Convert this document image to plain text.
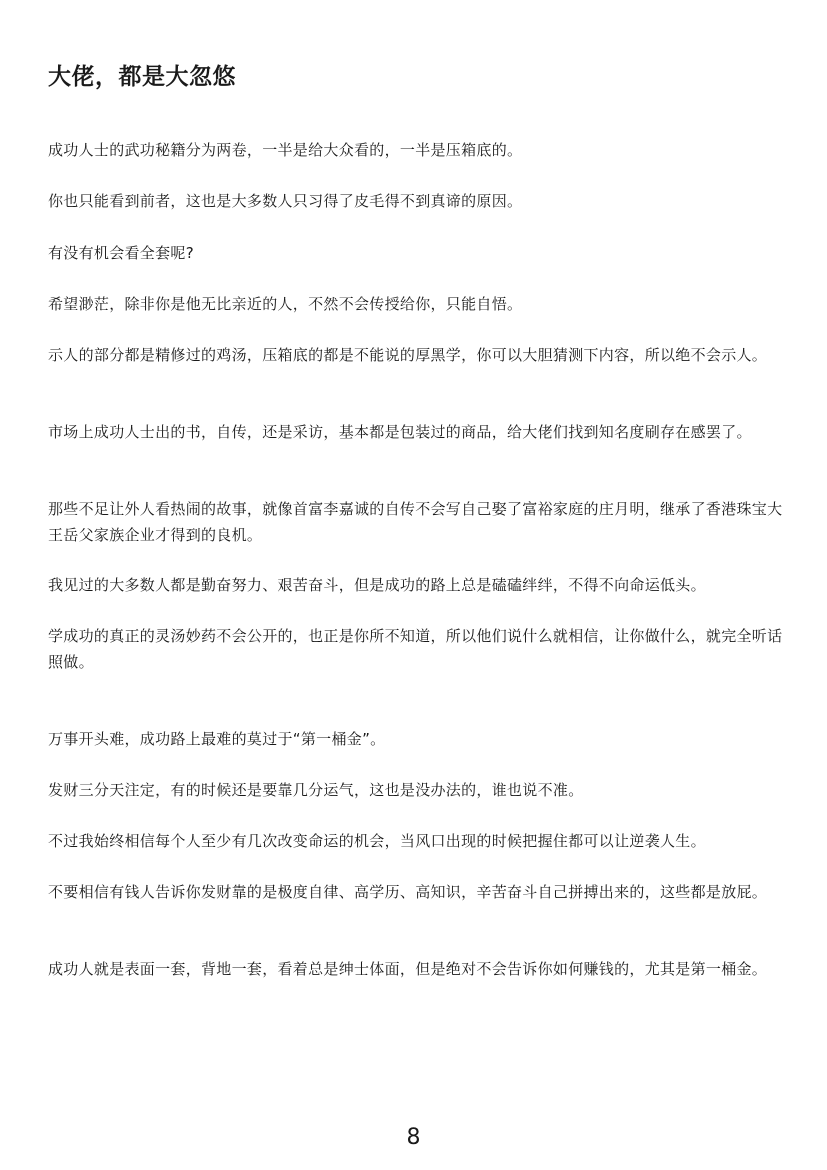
大佬，都是大忽悠

成功人士的武功秘籍分为两卷，一半是给大众看的，一半是压箱底的。

你也只能看到前者，这也是大多数人只习得了皮毛得不到真谛的原因。

有没有机会看全套呢?

希望渺茫，除非你是他无比亲近的人，不然不会传授给你，只能自悟。

示人的部分都是精修过的鸡汤，压箱底的都是不能说的厚黑学，你可以大胆猜测下内容，所以绝不会示人。

市场上成功人士出的书，自传，还是采访，基本都是包装过的商品，给大佬们找到知名度刷存在感罢了。

那些不足让外人看热闹的故事，就像首富李嘉诚的自传不会写自己娶了富裕家庭的庄月明，继承了香港珠宝大王岳父家族企业才得到的良机。

我见过的大多数人都是勤奋努力、艰苦奋斗，但是成功的路上总是磕磕绊绊，不得不向命运低头。

学成功的真正的灵汤妙药不会公开的，也正是你所不知道，所以他们说什么就相信，让你做什么，就完全听话照做。

万事开头难，成功路上最难的莫过于“第一桶金”。

发财三分天注定，有的时候还是要靠几分运气，这也是没办法的，谁也说不准。

不过我始终相信每个人至少有几次改变命运的机会，当风口出现的时候把握住都可以让逆袭人生。

不要相信有钱人告诉你发财靠的是极度自律、高学历、高知识，辛苦奋斗自己拼搏出来的，这些都是放屁。

成功人就是表面一套，背地一套，看着总是绅士体面，但是绝对不会告诉你如何赚钱的，尤其是第一桶金。

8
